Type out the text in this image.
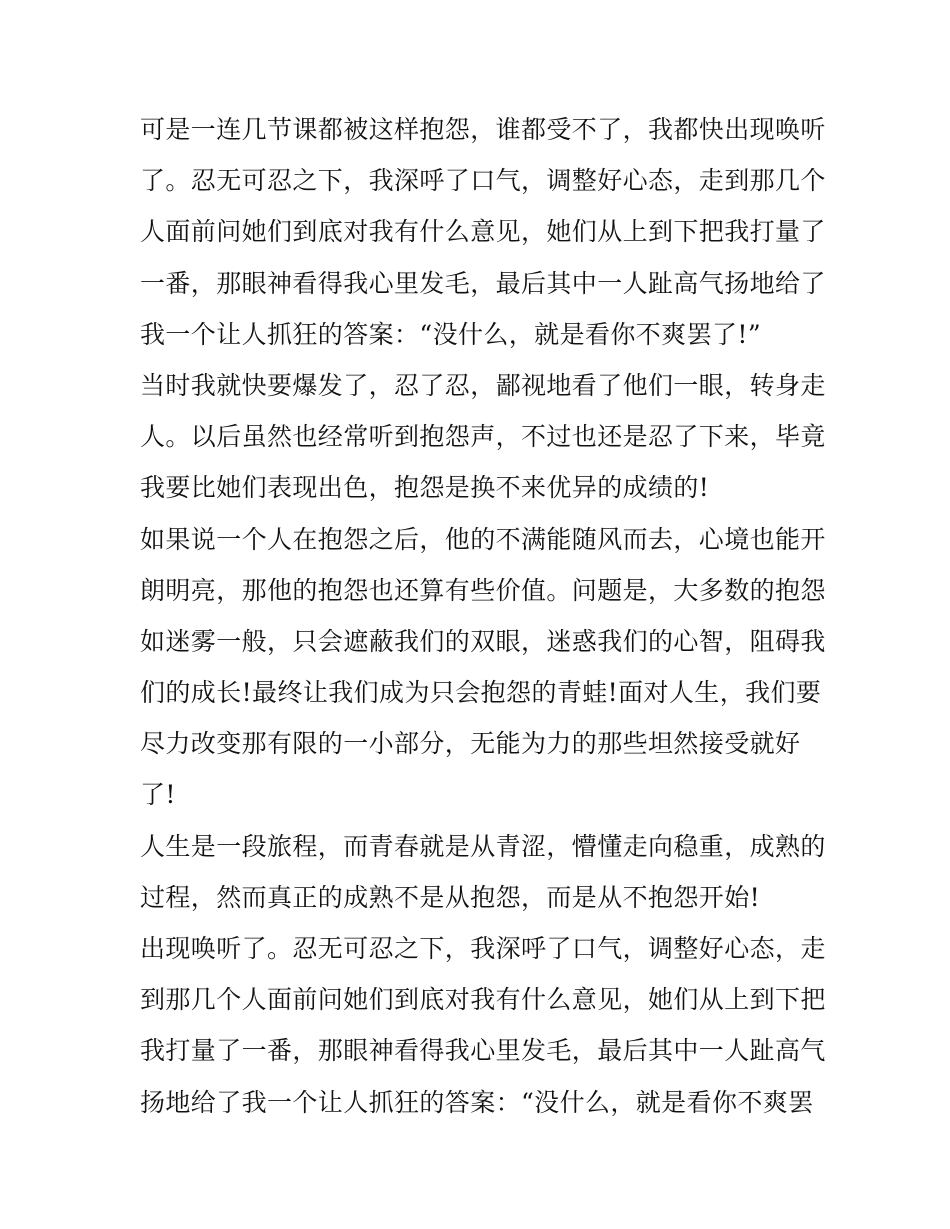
可是一连几节课都被这样抱怨，谁都受不了，我都快出现唤听
了。忍无可忍之下，我深呼了口气，调整好心态，走到那几个
人面前问她们到底对我有什么意见，她们从上到下把我打量了
一番，那眼神看得我心里发毛，最后其中一人趾高气扬地给了
我一个让人抓狂的答案：“没什么，就是看你不爽罢了!”
当时我就快要爆发了，忍了忍，鄙视地看了他们一眼，转身走
人。以后虽然也经常听到抱怨声，不过也还是忍了下来，毕竟
我要比她们表现出色，抱怨是换不来优异的成绩的!
如果说一个人在抱怨之后，他的不满能随风而去，心境也能开
朗明亮，那他的抱怨也还算有些价值。问题是，大多数的抱怨
如迷雾一般，只会遮蔽我们的双眼，迷惑我们的心智，阻碍我
们的成长!最终让我们成为只会抱怨的青蛙!面对人生，我们要
尽力改变那有限的一小部分，无能为力的那些坦然接受就好
了!
人生是一段旅程，而青春就是从青涩，懵懂走向稳重，成熟的
过程，然而真正的成熟不是从抱怨，而是从不抱怨开始!
出现唤听了。忍无可忍之下，我深呼了口气，调整好心态，走
到那几个人面前问她们到底对我有什么意见，她们从上到下把
我打量了一番，那眼神看得我心里发毛，最后其中一人趾高气
扬地给了我一个让人抓狂的答案：“没什么，就是看你不爽罢
